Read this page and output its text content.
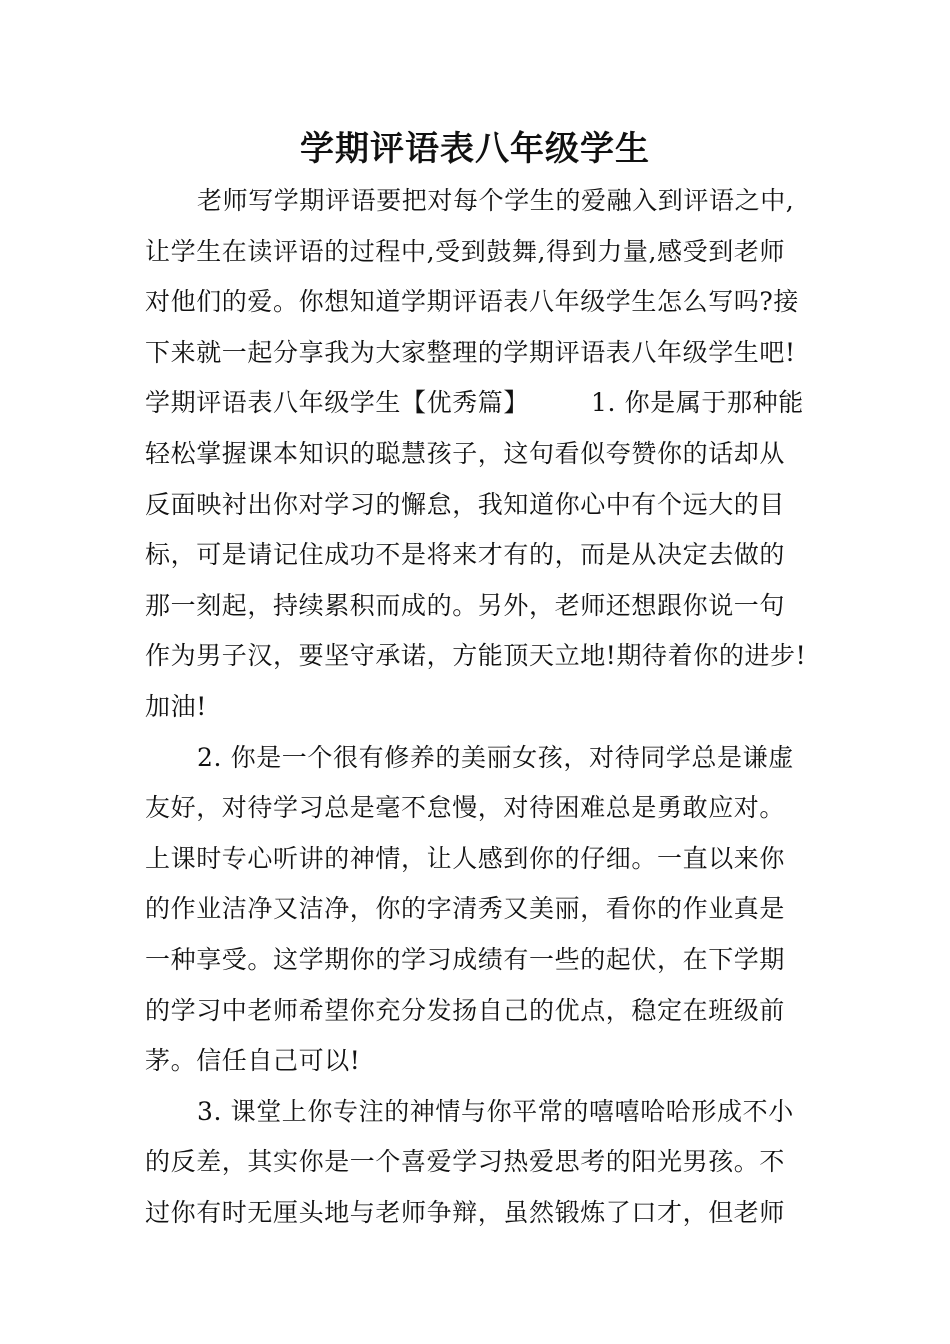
学期评语表八年级学生
老师写学期评语要把对每个学生的爱融入到评语之中,
让学生在读评语的过程中,受到鼓舞,得到力量,感受到老师
对他们的爱。你想知道学期评语表八年级学生怎么写吗?接
下来就一起分享我为大家整理的学期评语表八年级学生吧!
学期评语表八年级学生【优秀篇】 1. 你是属于那种能
轻松掌握课本知识的聪慧孩子，这句看似夸赞你的话却从
反面映衬出你对学习的懈怠，我知道你心中有个远大的目
标，可是请记住成功不是将来才有的，而是从决定去做的
那一刻起，持续累积而成的。另外，老师还想跟你说一句
作为男子汉，要坚守承诺，方能顶天立地!期待着你的进步!
加油!
2. 你是一个很有修养的美丽女孩，对待同学总是谦虚
友好，对待学习总是毫不怠慢，对待困难总是勇敢应对。
上课时专心听讲的神情，让人感到你的仔细。一直以来你
的作业洁净又洁净，你的字清秀又美丽，看你的作业真是
一种享受。这学期你的学习成绩有一些的起伏，在下学期
的学习中老师希望你充分发扬自己的优点，稳定在班级前
茅。信任自己可以!
3. 课堂上你专注的神情与你平常的嘻嘻哈哈形成不小
的反差，其实你是一个喜爱学习热爱思考的阳光男孩。不
过你有时无厘头地与老师争辩，虽然锻炼了口才，但老师
